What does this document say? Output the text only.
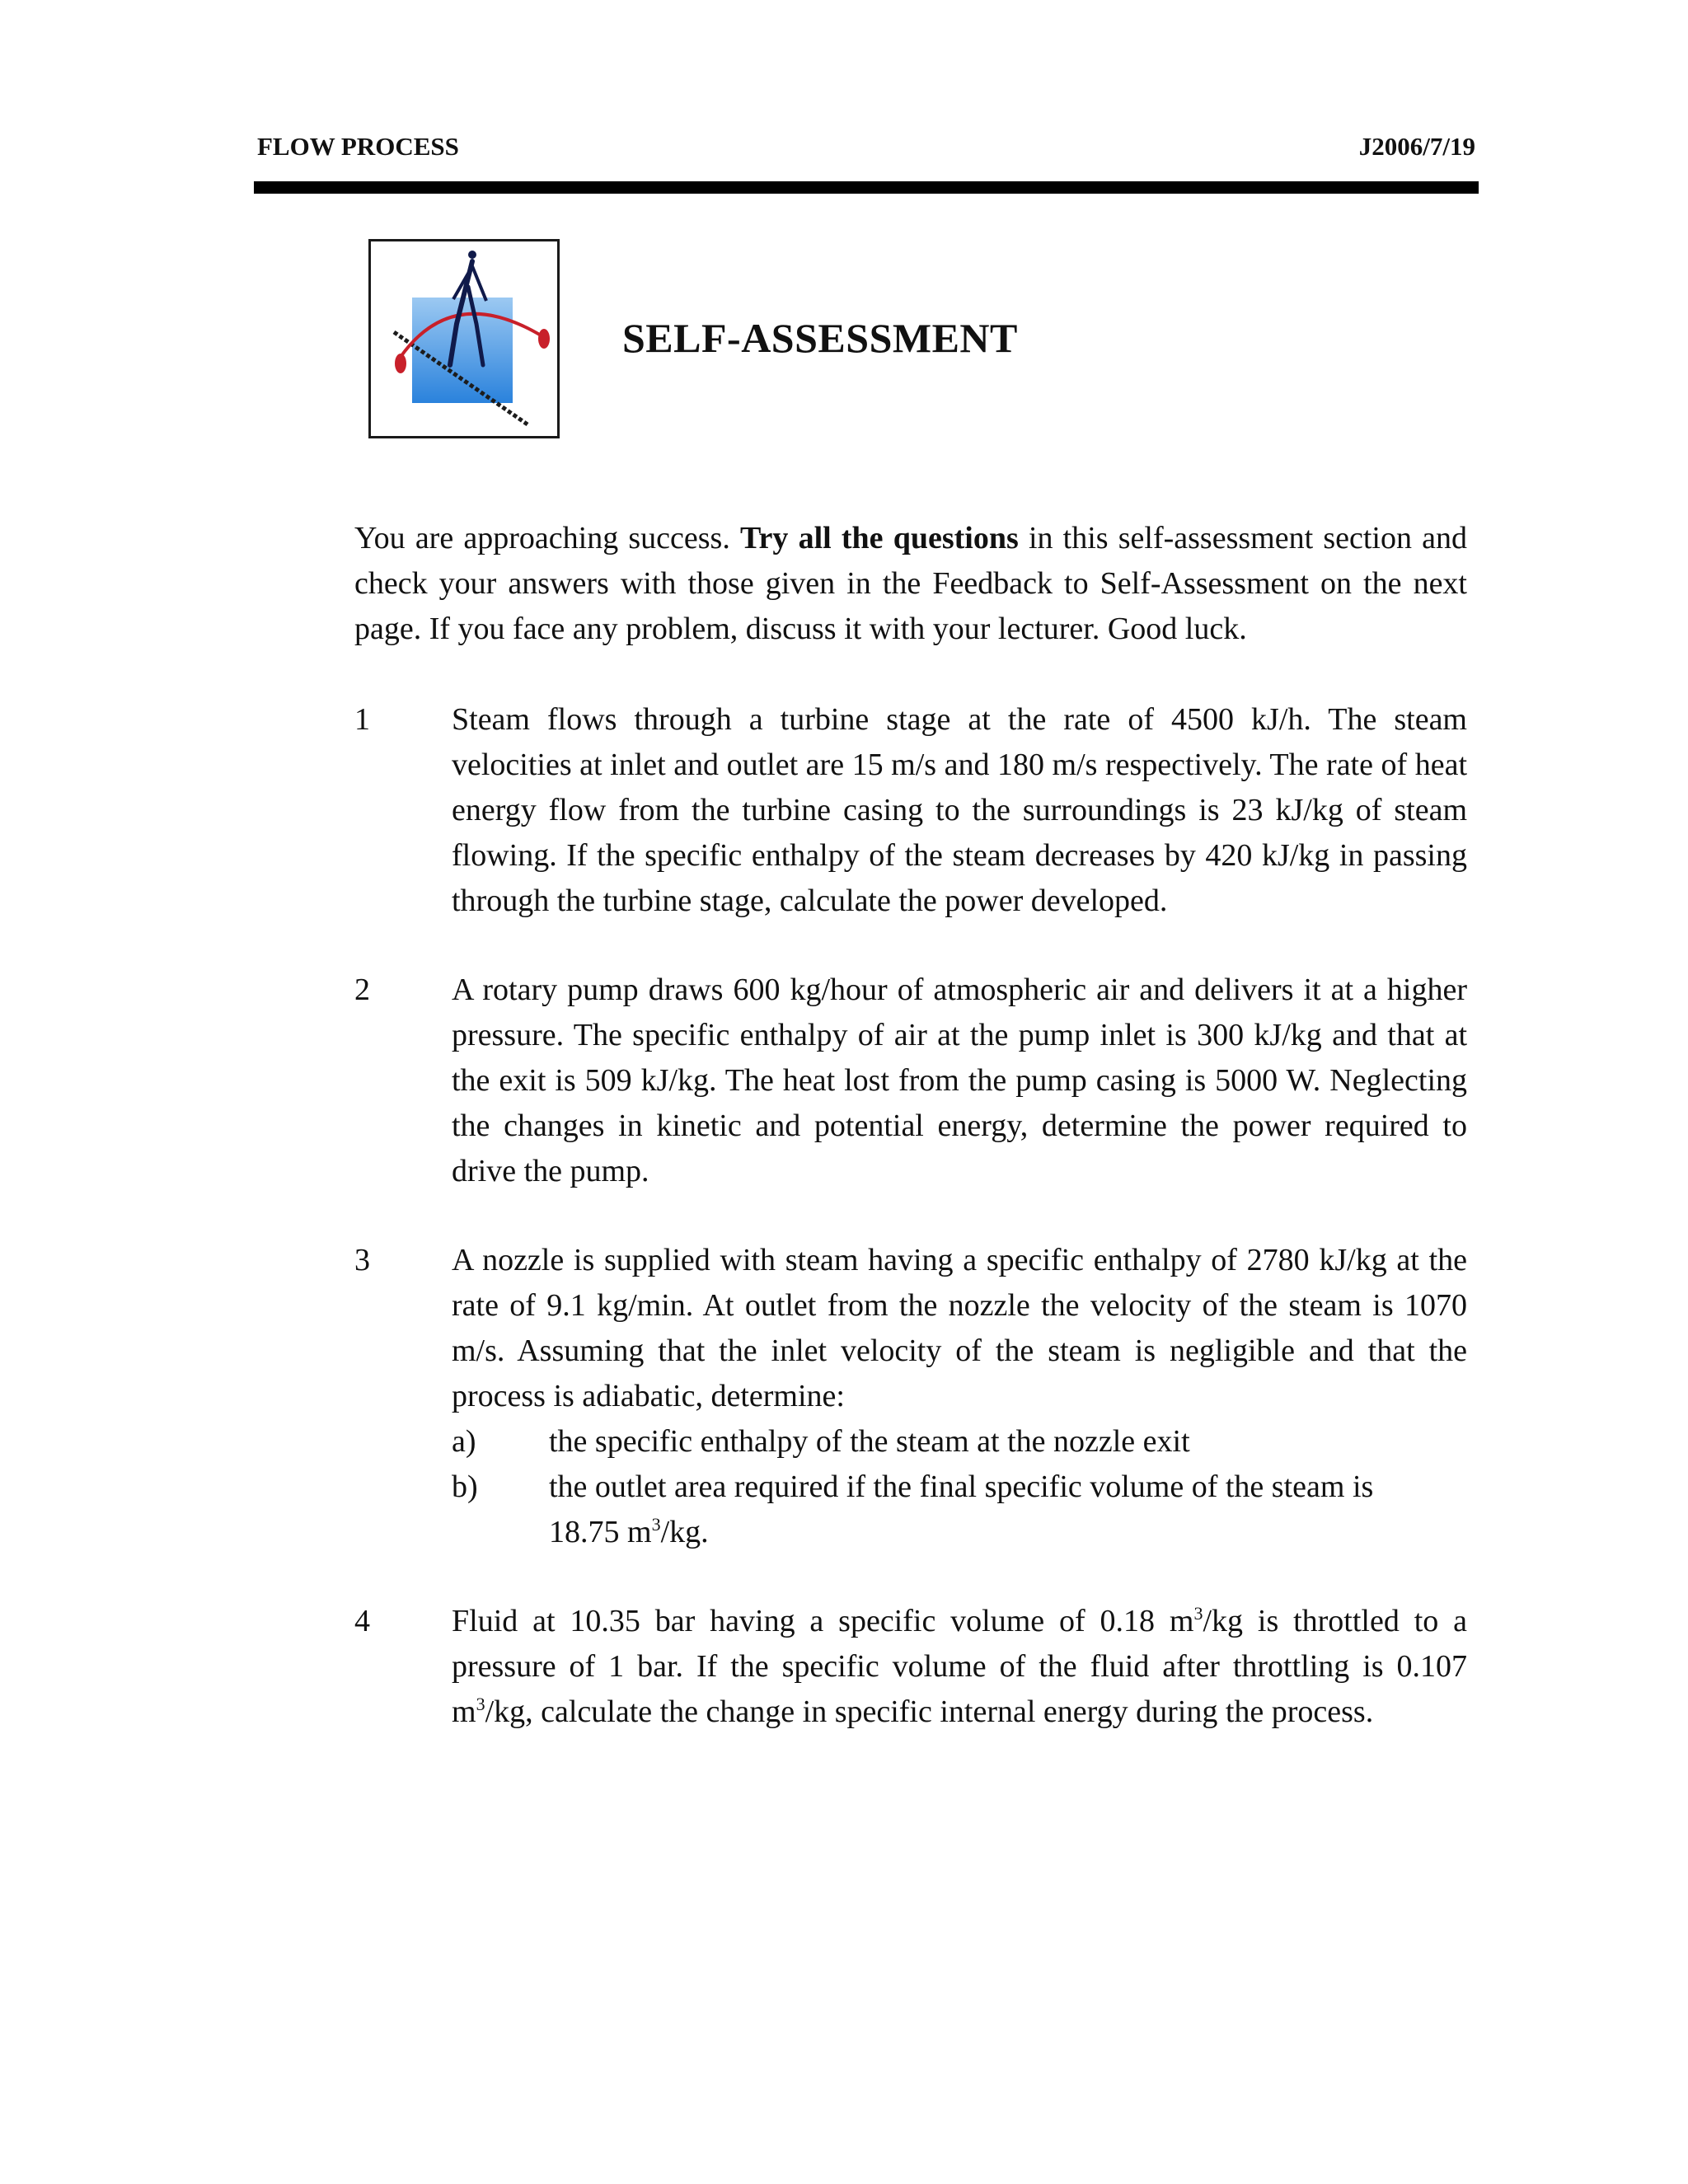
FLOW PROCESS	J2006/7/19
SELF-ASSESSMENT

You are approaching success. Try all the questions in this self-assessment section and check your answers with those given in the Feedback to Self-Assessment on the next page. If you face any problem, discuss it with your lecturer. Good luck.

1	Steam flows through a turbine stage at the rate of 4500 kJ/h. The steam velocities at inlet and outlet are 15 m/s and 180 m/s respectively. The rate of heat energy flow from the turbine casing to the surroundings is 23 kJ/kg of steam flowing. If the specific enthalpy of the steam decreases by 420 kJ/kg in passing through the turbine stage, calculate the power developed.

2	A rotary pump draws 600 kg/hour of atmospheric air and delivers it at a higher pressure. The specific enthalpy of air at the pump inlet is 300 kJ/kg and that at the exit is 509 kJ/kg. The heat lost from the pump casing is 5000 W. Neglecting the changes in kinetic and potential energy, determine the power required to drive the pump.

3	A nozzle is supplied with steam having a specific enthalpy of 2780 kJ/kg at the rate of 9.1 kg/min. At outlet from the nozzle the velocity of the steam is 1070 m/s. Assuming that the inlet velocity of the steam is negligible and that the process is adiabatic, determine:

a) the specific enthalpy of the steam at the nozzle exit
b) the outlet area required if the final specific volume of the steam is
18.75 $m^3/kg$.
4	Fluid at 10.35 bar having a specific volume of 0.18 $m^3/kg$ is throttled to a pressure of 1 bar. If the specific volume of the fluid after throttling is 0.107 $m^3/kg$, calculate the change in specific internal energy during the process.
